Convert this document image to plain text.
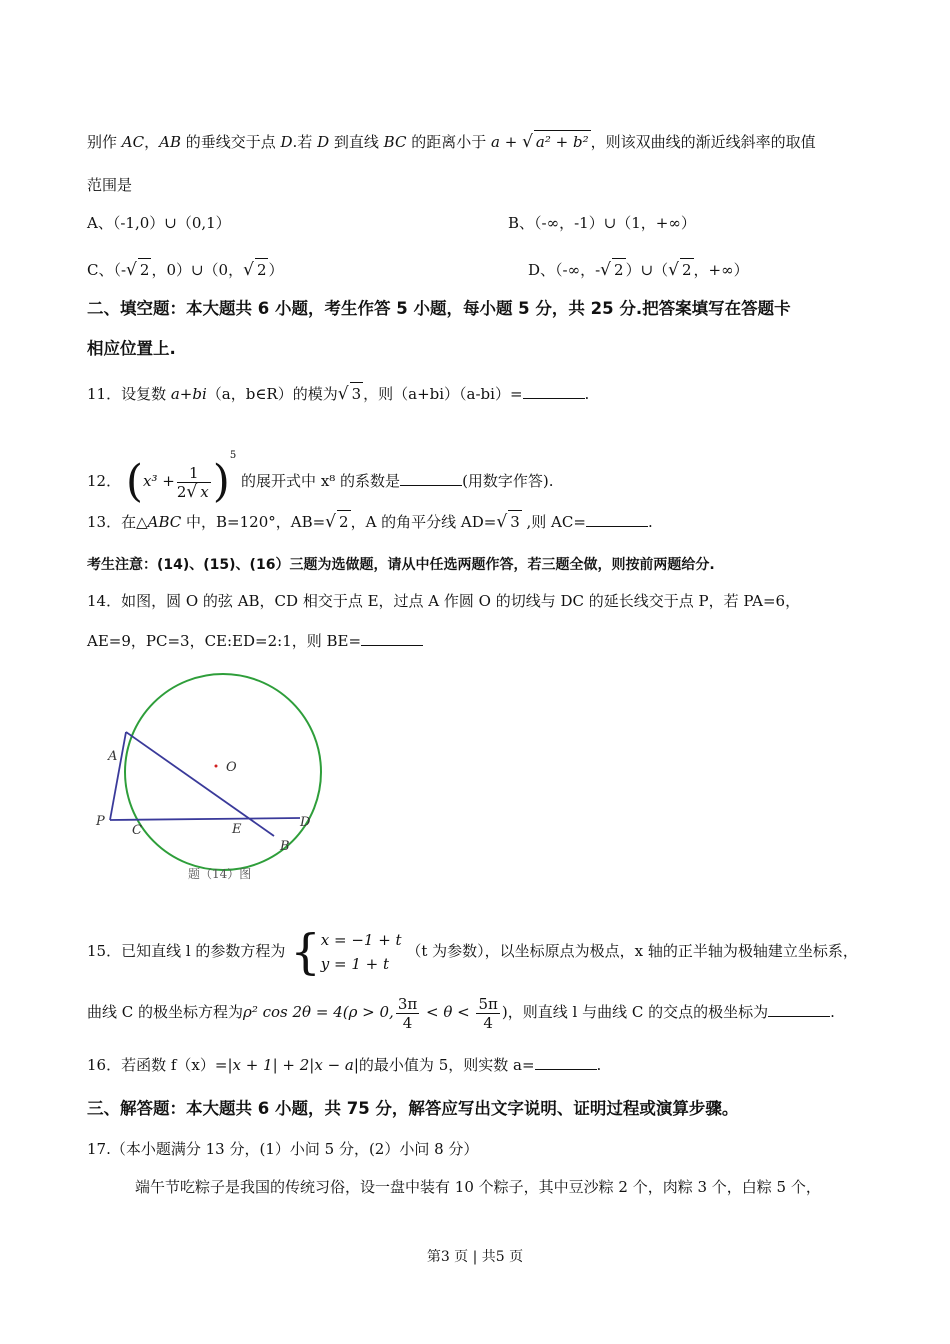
别作 AC，AB 的垂线交于点 D.若 D 到直线 BC 的距离小于 a + √ a² + b² ，则该双曲线的渐近线斜率的取值
范围是
A、（-1,0）∪（0,1）	B、（-∞，-1）∪（1，+∞）
C、（-√ 2 ，0）∪（0，√ 2 ）	D、（-∞，-√ 2 ）∪（√ 2 ，+∞）
二、填空题：本大题共 6 小题，考生作答 5 小题，每小题 5 分，共 25 分.把答案填写在答题卡
相应位置上.
11．设复数 a+bi（a，b∈R）的模为√ 3 ，则（a+bi）（a-bi）=	.
12． $(x^3 + \frac{1}{2√ x} )^5$ 的展开式中 x⁸ 的系数是	(用数字作答).
13．在△ABC 中，B=120°，AB=√ 2 ，A 的角平分线 AD=√ 3 ,则 AC=	.
考生注意：(14)、(15)、(16）三题为选做题，请从中任选两题作答，若三题全做，则按前两题给分.
14．如图，圆 O 的弦 AB，CD 相交于点 E，过点 A 作圆 O 的切线与 DC 的延长线交于点 P，若 PA=6，
AE=9，PC=3，CE:ED=2:1，则 BE=
A
O
P
C	E	D
B
题（14）图
15．已知直线 l 的参数方程为 { x = −1 + t
y = 1 + t
（t 为参数），以坐标原点为极点，x 轴的正半轴为极轴建立坐标系，
曲线 C 的极坐标方程为ρ² cos 2θ = 4(ρ > 0, $\frac{3\pi}{4} < \theta < \frac{5\pi}{4}$ )，则直线 l 与曲线 C 的交点的极坐标为	.
16．若函数 f（x）=|x + 1| + 2|x − a|的最小值为 5，则实数 a=	.
三、解答题：本大题共 6 小题，共 75 分，解答应写出文字说明、证明过程或演算步骤。
17.（本小题满分 13 分，(1）小问 5 分，(2）小问 8 分）
端午节吃粽子是我国的传统习俗，设一盘中装有 10 个粽子，其中豆沙粽 2 个，肉粽 3 个，白粽 5 个，
第3 页 | 共5 页
